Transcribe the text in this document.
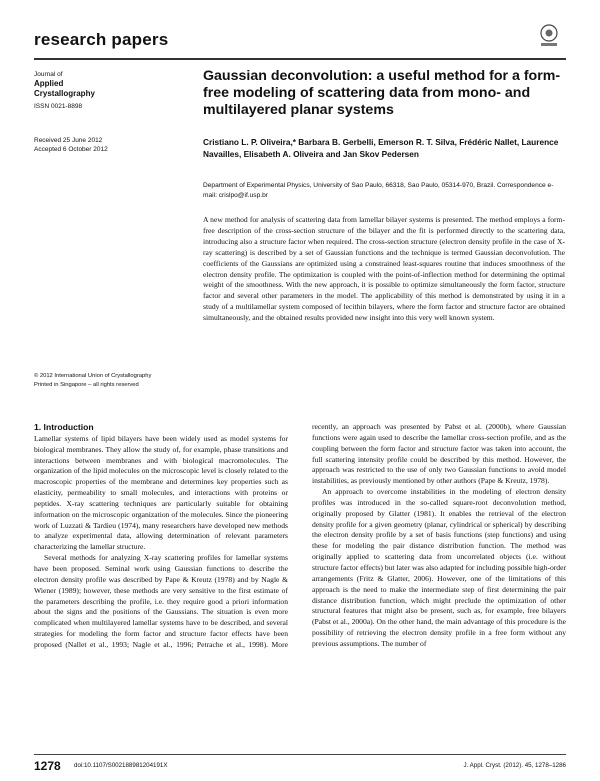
research papers
Journal of
Applied
Crystallography
ISSN 0021-8898
Received 25 June 2012
Accepted 6 October 2012
Gaussian deconvolution: a useful method for a form-free modeling of scattering data from mono- and multilayered planar systems
Cristiano L. P. Oliveira,* Barbara B. Gerbelli, Emerson R. T. Silva, Frédéric Nallet, Laurence Navailles, Elisabeth A. Oliveira and Jan Skov Pedersen
Department of Experimental Physics, University of Sao Paulo, 66318, Sao Paulo, 05314-970, Brazil. Correspondence e-mail: crislpo@if.usp.br
A new method for analysis of scattering data from lamellar bilayer systems is presented. The method employs a form-free description of the cross-section structure of the bilayer and the fit is performed directly to the scattering data, introducing also a structure factor when required. The cross-section structure (electron density profile in the case of X-ray scattering) is described by a set of Gaussian functions and the technique is termed Gaussian deconvolution. The coefficients of the Gaussians are optimized using a constrained least-squares routine that induces smoothness of the electron density profile. The optimization is coupled with the point-of-inflection method for determining the optimal weight of the smoothness. With the new approach, it is possible to optimize simultaneously the form factor, structure factor and several other parameters in the model. The applicability of this method is demonstrated by using it in a study of a multilamellar system composed of lecithin bilayers, where the form factor and structure factor are obtained simultaneously, and the obtained results provided new insight into this very well known system.
© 2012 International Union of Crystallography
Printed in Singapore – all rights reserved
1. Introduction

Lamellar systems of lipid bilayers have been widely used as model systems for biological membranes. They allow the study of, for example, phase transitions and interactions between membranes and with biological macromolecules. The organization of the lipid molecules on the microscopic level is closely related to the macroscopic properties of the membrane and determines key properties such as elasticity, permeability to small molecules, and interactions with proteins or peptides. X-ray scattering techniques are particularly suitable for obtaining information on the microscopic organization of the molecules. Since the pioneering work of Luzzati & Tardieu (1974), many researchers have developed new methods to analyze experimental data, allowing determination of relevant parameters characterizing the lamellar structure.

Several methods for analyzing X-ray scattering profiles for lamellar systems have been proposed. Seminal work using Gaussian functions to describe the electron density profile was described by Pape & Kreutz (1978) and by Nagle & Wiener (1989); however, these methods are very sensitive to the first estimate of the parameters describing the profile, i.e. they require good a priori information about the signs and the positions of the Gaussians. The situation is even more complicated when multilayered lamellar systems have to be described, and several strategies for modeling the form factor and structure factor effects have been proposed (Nallet et al., 1993; Nagle et al., 1996; Petrache et al., 1998). More recently, an approach was presented by Pabst et al. (2000b), where Gaussian functions were again used to describe the lamellar cross-section profile, and as the coupling between the form factor and structure factor was taken into account, the full scattering intensity profile could be described by this method. However, the approach was restricted to the use of only two Gaussian functions to avoid model instabilities, as previously mentioned by other authors (Pape & Kreutz, 1978).

An approach to overcome instabilities in the modeling of electron density profiles was introduced in the so-called square-root deconvolution method, originally proposed by Glatter (1981). It enables the retrieval of the electron density profile for a given geometry (planar, cylindrical or spherical) by describing the electron density profile by a set of basis functions (step functions) and using these for modeling the pair distance distribution function. The method was originally applied to scattering data from uncorrelated objects (i.e. without structure factor effects) but later was also adapted for including possible high-order arrangements (Fritz & Glatter, 2006). However, one of the limitations of this approach is the need to make the intermediate step of first determining the pair distance distribution function, which might preclude the optimization of other structural features that might also be present, such as, for example, free bilayers (Pabst et al., 2000a). On the other hand, the main advantage of this procedure is the possibility of retrieving the electron density profile in a free form without any previous assumptions. The number of

1278 doi:10.1107/S002188981204191X	J. Appl. Cryst. (2012). 45, 1278–1286
